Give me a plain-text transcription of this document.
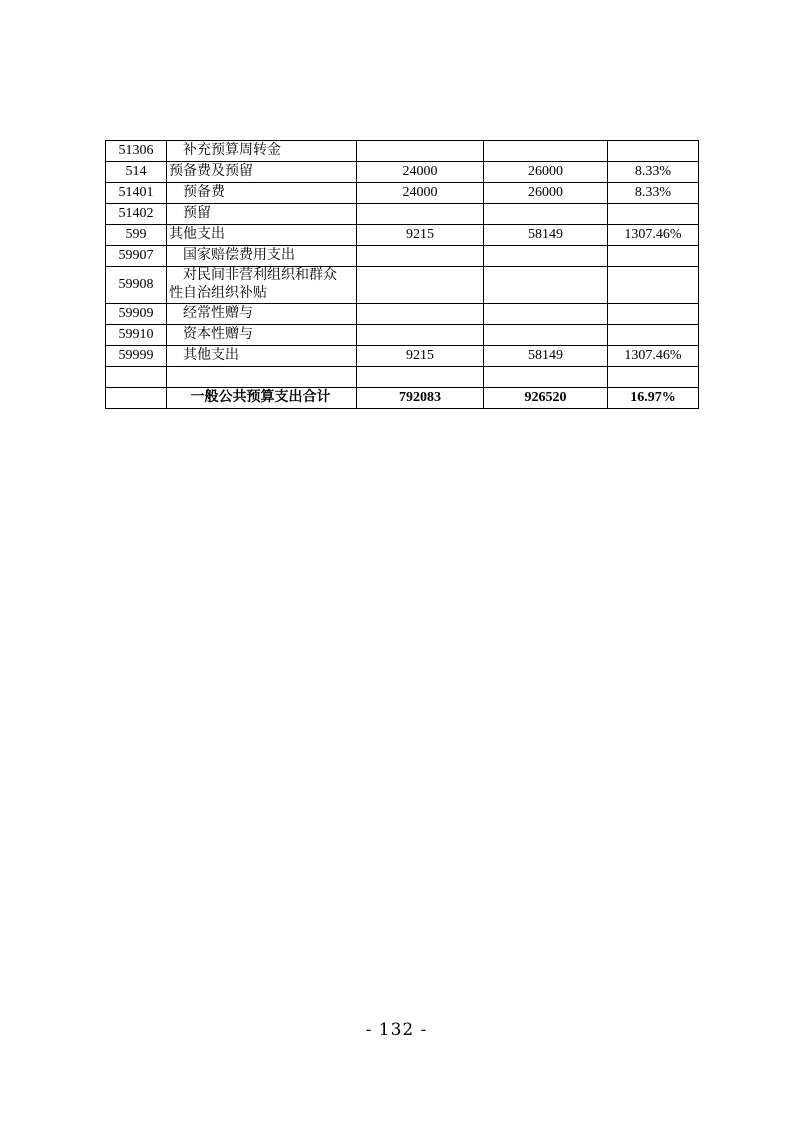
51306	补充预算周转金			
514	预备费及预留	24000	26000	8.33%
51401	预备费	24000	26000	8.33%
51402	预留			
599	其他支出	9215	58149	1307.46%
59907	国家赔偿费用支出			
59908	对民间非营利组织和群众
性自治组织补贴			

59909	经常性赠与			
59910	资本性赠与			
59999	其他支出	9215	58149	1307.46%

	一般公共预算支出合计	792083	926520	16.97%
- 132 -
